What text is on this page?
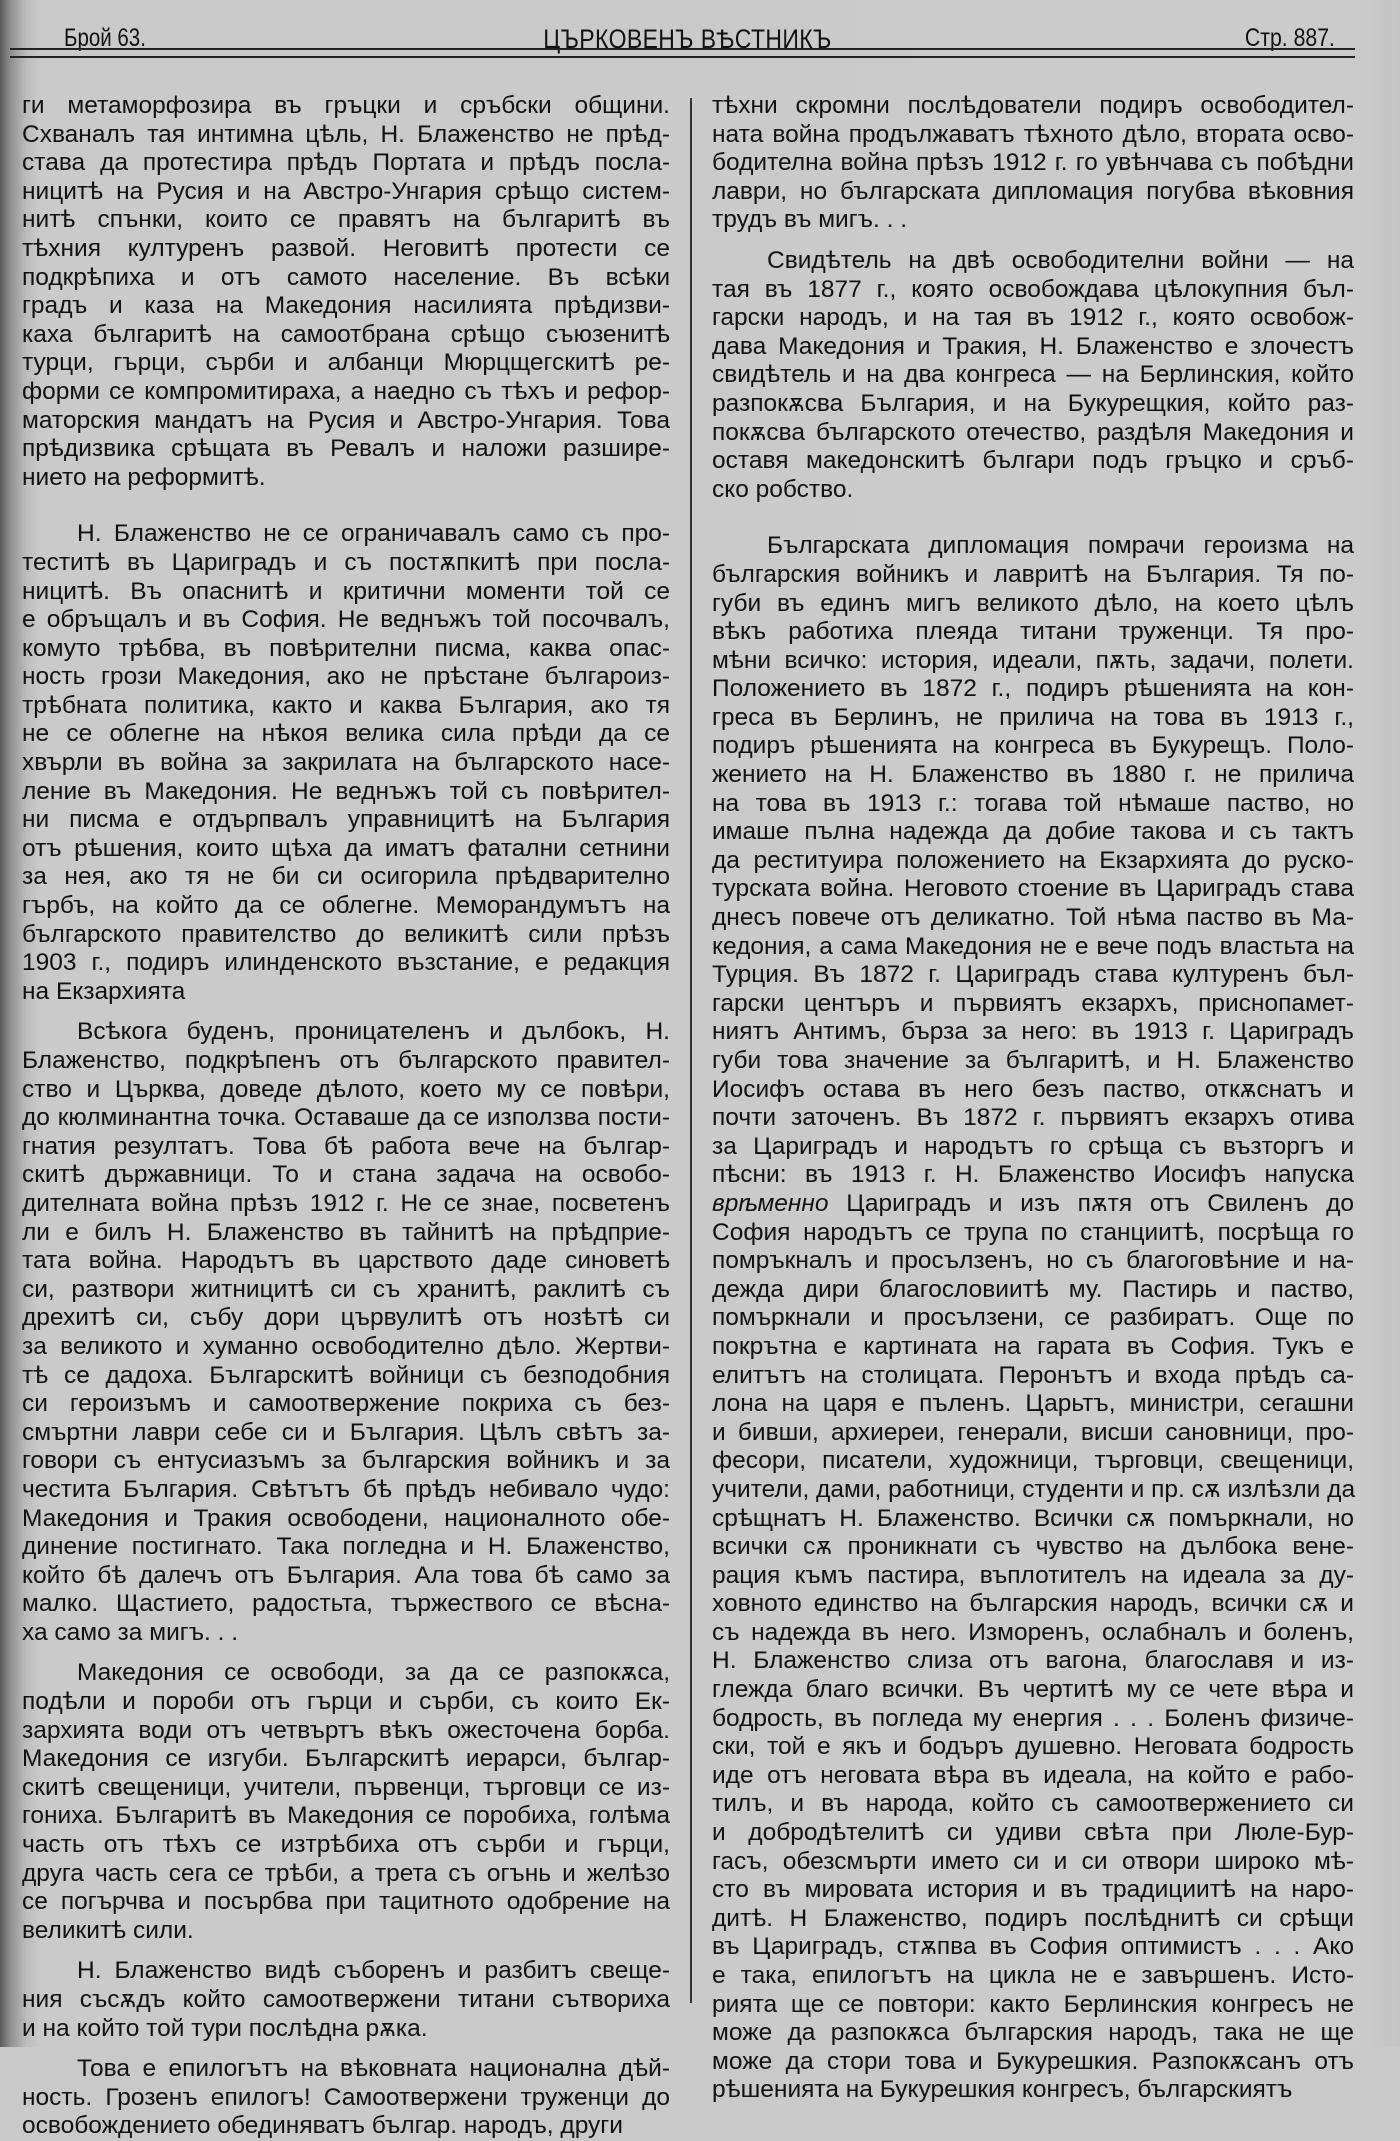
Брой 63.	ЦЪРКОВЕНЪ ВѢСТНИКЪ	Стр. 887.

ги метаморфозира въ гръцки и сръбски общини.
Схваналъ тая интимна цѣль, Н. Блаженство не прѣд-
става да протестира прѣдъ Портата и прѣдъ посла-
ницитѣ на Русия и на Австро-Унгария срѣщо систем-
нитѣ спънки, които се правятъ на българитѣ въ
тѣхния културенъ развой. Неговитѣ протести се
подкрѣпиха и отъ самото население. Въ всѣки
градъ и каза на Македония насилията прѣдизви-
каха българитѣ на самоотбрана срѣщо съюзенитѣ
турци, гърци, сърби и албанци Мюрцщегскитѣ ре-
форми се компромитираха, а наедно съ тѣхъ и рефор-
маторския мандатъ на Русия и Австро-Унгария. Това
прѣдизвика срѣщата въ Ревалъ и наложи разшире-
нието на реформитѣ.

Н. Блаженство не се ограничавалъ само съ про-
теститѣ въ Цариградъ и съ постѫпкитѣ при посла-
ницитѣ. Въ опаснитѣ и критични моменти той се
е обръщалъ и въ София. Не веднъжъ той посочвалъ,
комуто трѣбва, въ повѣрителни писма, каква опас-
ность грози Македония, ако не прѣстане българоиз-
трѣбната политика, както и каква България, ако тя
не се облегне на нѣкоя велика сила прѣди да се
хвърли въ война за закрилата на българското насе-
ление въ Македония. Не веднъжъ той съ повѣрител-
ни писма е отдърпвалъ управницитѣ на България
отъ рѣшения, които щѣха да иматъ фатални сетнини
за нея, ако тя не би си осигорила прѣдварително
гърбъ, на който да се облегне. Меморандумътъ на
българското правителство до великитѣ сили прѣзъ
1903 г., подиръ илинденското възстание, е редакция
на Екзархията

Всѣкога буденъ, проницателенъ и дълбокъ, Н.
Блаженство, подкрѣпенъ отъ българското правител-
ство и Църква, доведе дѣлото, което му се повѣри,
до кюлминантна точка. Оставаше да се използва пости-
гнатия резултатъ. Това бѣ работа вече на българ-
скитѣ държавници. То и стана задача на освобо-
дителната война прѣзъ 1912 г. Не се знае, посветенъ
ли е билъ Н. Блаженство въ тайнитѣ на прѣдприе-
тата война. Народътъ въ царството даде синоветѣ
си, разтвори житницитѣ си съ хранитѣ, раклитѣ съ
дрехитѣ си, събу дори цървулитѣ отъ нозѣтѣ си
за великото и хуманно освободително дѣло. Жертви-
тѣ се дадоха. Българскитѣ войници съ безподобния
си героизъмъ и самоотвержение покриха съ без-
смъртни лаври себе си и България. Цѣлъ свѣтъ за-
говори съ ентусиазъмъ за българския войникъ и за
честита България. Свѣтътъ бѣ прѣдъ небивало чудо:
Македония и Тракия освободени, националното обе-
динение постигнато. Така погледна и Н. Блаженство,
който бѣ далечъ отъ България. Ала това бѣ само за
малко. Щастието, радостьта, тържествого се вѣсна-
ха само за мигъ. . .

Македония се освободи, за да се разпокѫса,
подѣли и пороби отъ гърци и сърби, съ които Ек-
зархията води отъ четвъртъ вѣкъ ожесточена борба.
Македония се изгуби. Българскитѣ иерарси, българ-
скитѣ свещеници, учители, първенци, търговци се из-
гониха. Българитѣ въ Македония се поробиха, голѣма
часть отъ тѣхъ се изтрѣбиха отъ сърби и гърци,
друга часть сега се трѣби, а трета съ огънь и желѣзо
се погърчва и посърбва при тацитното одобрение на
великитѣ сили.

Н. Блаженство видѣ съборенъ и разбитъ свеще-
ния съсѫдъ който самоотвержени титани сътвориха
и на който той тури послѣдна рѫка.

Това е епилогътъ на вѣковната национална дѣй-
ность. Грозенъ епилогъ! Самоотвержени труженци до
освобождението обединяватъ българ. народъ, други

тѣхни скромни послѣдователи подиръ освободител-
ната война продължаватъ тѣхното дѣло, втората осво-
бодителна война прѣзъ 1912 г. го увѣнчава съ побѣдни
лаври, но българската дипломация погубва вѣковния
трудъ въ мигъ. . .

Свидѣтель на двѣ освободителни войни — на
тая въ 1877 г., която освобождава цѣлокупния бъл-
гарски народъ, и на тая въ 1912 г., която освобож-
дава Македония и Тракия, Н. Блаженство е злочестъ
свидѣтель и на два конгреса — на Берлинския, който
разпокѫсва България, и на Букурещкия, който раз-
покѫсва българското отечество, раздѣля Македония и
оставя македонскитѣ българи подъ гръцко и сръб-
ско робство.

Българската дипломация помрачи героизма на
българския войникъ и лавритѣ на България. Тя по-
губи въ единъ мигъ великото дѣло, на което цѣлъ
вѣкъ работиха плеяда титани труженци. Тя про-
мѣни всичко: история, идеали, пѫть, задачи, полети.
Положението въ 1872 г., подиръ рѣшенията на кон-
греса въ Берлинъ, не прилича на това въ 1913 г.,
подиръ рѣшенията на конгреса въ Букурещъ. Поло-
жението на Н. Блаженство въ 1880 г. не прилича
на това въ 1913 г.: тогава той нѣмаше паство, но
имаше пълна надежда да добие такова и съ тактъ
да реституира положението на Екзархията до руско-
турската война. Неговото стоение въ Цариградъ става
днесъ повече отъ деликатно. Той нѣма паство въ Ма-
кедония, а сама Македония не е вече подъ властьта на
Турция. Въ 1872 г. Цариградъ става културенъ бъл-
гарски центъръ и първиятъ екзархъ, приснопамет-
ниятъ Антимъ, бърза за него: въ 1913 г. Цариградъ
губи това значение за българитѣ, и Н. Блаженство
Иосифъ остава въ него безъ паство, откѫснатъ и
почти заточенъ. Въ 1872 г. първиятъ екзархъ отива
за Цариградъ и народътъ го срѣща съ възторгъ и
пѣсни: въ 1913 г. Н. Блаженство Иосифъ напуска
врѣменно Цариградъ и изъ пѫтя отъ Свиленъ до
София народътъ се трупа по станциитѣ, посрѣща го
помръкналъ и просълзенъ, но съ благоговѣние и на-
дежда дири благословиитѣ му. Пастирь и паство,
помъркнали и просълзени, се разбиратъ. Още по
покрътна е картината на гарата въ София. Тукъ е
елитътъ на столицата. Перонътъ и входа прѣдъ са-
лона на царя е пъленъ. Царьтъ, министри, сегашни
и бивши, архиереи, генерали, висши сановници, про-
фесори, писатели, художници, търговци, свещеници,
учители, дами, работници, студенти и пр. сѫ излѣзли да
срѣщнатъ Н. Блаженство. Всички сѫ помъркнали, но
всички сѫ проникнати съ чувство на дълбока вене-
рация къмъ пастира, въплотителъ на идеала за ду-
ховното единство на българския народъ, всички сѫ и
съ надежда въ него. Изморенъ, ослабналъ и боленъ,
Н. Блаженство слиза отъ вагона, благославя и из-
глежда благо всички. Въ чертитѣ му се чете вѣра и
бодрость, въ погледа му енергия . . . Боленъ физиче-
ски, той е якъ и бодъръ душевно. Неговата бодрость
иде отъ неговата вѣра въ идеала, на който е рабо-
тилъ, и въ народа, който съ самоотвержението си
и добродѣтелитѣ си удиви свѣта при Люле-Бур-
гасъ, обезсмърти името си и си отвори широко мѣ-
сто въ мировата история и въ традициитѣ на наро-
дитѣ. Н Блаженство, подиръ послѣднитѣ си срѣщи
въ Цариградъ, стѫпва въ София оптимистъ . . . Ако
е така, епилогътъ на цикла не е завършенъ. Исто-
рията ще се повтори: както Берлинския конгресъ не
може да разпокѫса българския народъ, така не ще
може да стори това и Букурешкия. Разпокѫсанъ отъ
рѣшенията на Букурешкия конгресъ, българскиятъ
